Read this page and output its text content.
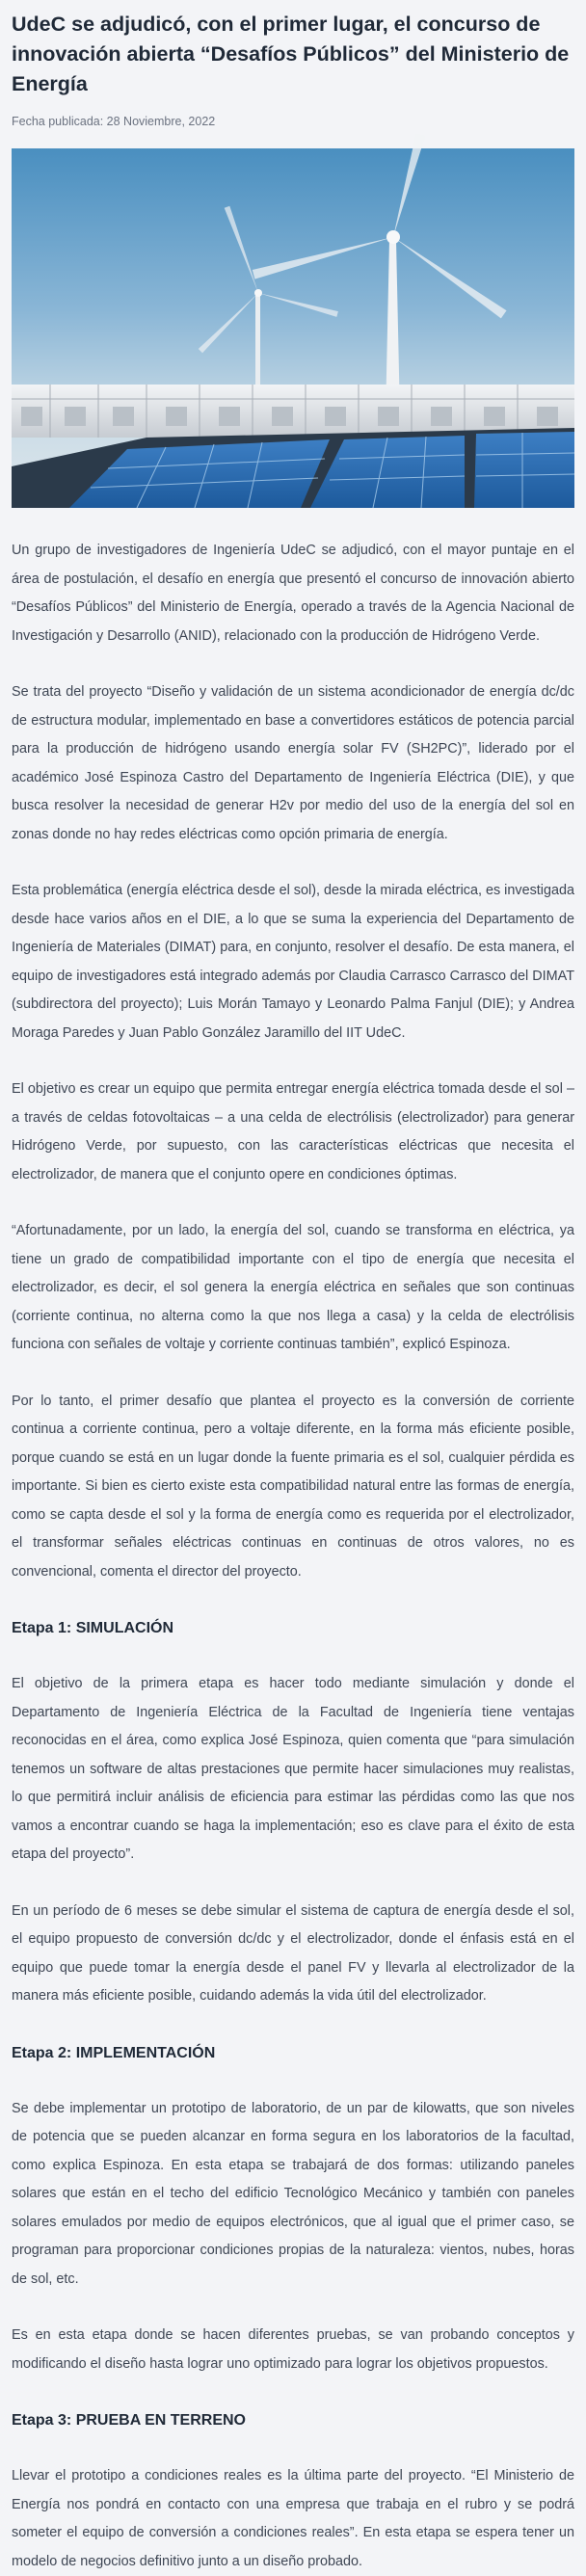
UdeC se adjudicó, con el primer lugar, el concurso de innovación abierta “Desafíos Públicos” del Ministerio de Energía
Fecha publicada: 28 Noviembre, 2022

Un grupo de investigadores de Ingeniería UdeC se adjudicó, con el mayor puntaje en el área de postulación, el desafío en energía que presentó el concurso de innovación abierto “Desafíos Públicos” del Ministerio de Energía, operado a través de la Agencia Nacional de Investigación y Desarrollo (ANID), relacionado con la producción de Hidrógeno Verde.

Se trata del proyecto “Diseño y validación de un sistema acondicionador de energía dc/dc de estructura modular, implementado en base a convertidores estáticos de potencia parcial para la producción de hidrógeno usando energía solar FV (SH2PC)”, liderado por el académico José Espinoza Castro del Departamento de Ingeniería Eléctrica (DIE), y que busca resolver la necesidad de generar H2v por medio del uso de la energía del sol en zonas donde no hay redes eléctricas como opción primaria de energía.

Esta problemática (energía eléctrica desde el sol), desde la mirada eléctrica, es investigada desde hace varios años en el DIE, a lo que se suma la experiencia del Departamento de Ingeniería de Materiales (DIMAT) para, en conjunto, resolver el desafío. De esta manera, el equipo de investigadores está integrado además por Claudia Carrasco Carrasco del DIMAT (subdirectora del proyecto); Luis Morán Tamayo y Leonardo Palma Fanjul (DIE); y Andrea Moraga Paredes y Juan Pablo González Jaramillo del IIT UdeC.

El objetivo es crear un equipo que permita entregar energía eléctrica tomada desde el sol – a través de celdas fotovoltaicas – a una celda de electrólisis (electrolizador) para generar Hidrógeno Verde, por supuesto, con las características eléctricas que necesita el electrolizador, de manera que el conjunto opere en condiciones óptimas.

“Afortunadamente, por un lado, la energía del sol, cuando se transforma en eléctrica, ya tiene un grado de compatibilidad importante con el tipo de energía que necesita el electrolizador, es decir, el sol genera la energía eléctrica en señales que son continuas (corriente continua, no alterna como la que nos llega a casa) y la celda de electrólisis funciona con señales de voltaje y corriente continuas también”, explicó Espinoza.

Por lo tanto, el primer desafío que plantea el proyecto es la conversión de corriente continua a corriente continua, pero a voltaje diferente, en la forma más eficiente posible, porque cuando se está en un lugar donde la fuente primaria es el sol, cualquier pérdida es importante. Si bien es cierto existe esta compatibilidad natural entre las formas de energía, como se capta desde el sol y la forma de energía como es requerida por el electrolizador, el transformar señales eléctricas continuas en continuas de otros valores, no es convencional, comenta el director del proyecto.

Etapa 1: SIMULACIÓN

El objetivo de la primera etapa es hacer todo mediante simulación y donde el Departamento de Ingeniería Eléctrica de la Facultad de Ingeniería tiene ventajas reconocidas en el área, como explica José Espinoza, quien comenta que “para simulación tenemos un software de altas prestaciones que permite hacer simulaciones muy realistas, lo que permitirá incluir análisis de eficiencia para estimar las pérdidas como las que nos vamos a encontrar cuando se haga la implementación; eso es clave para el éxito de esta etapa del proyecto”.

En un período de 6 meses se debe simular el sistema de captura de energía desde el sol, el equipo propuesto de conversión dc/dc y el electrolizador, donde el énfasis está en el equipo que puede tomar la energía desde el panel FV y llevarla al electrolizador de la manera más eficiente posible, cuidando además la vida útil del electrolizador.

Etapa 2: IMPLEMENTACIÓN

Se debe implementar un prototipo de laboratorio, de un par de kilowatts, que son niveles de potencia que se pueden alcanzar en forma segura en los laboratorios de la facultad, como explica Espinoza. En esta etapa se trabajará de dos formas: utilizando paneles solares que están en el techo del edificio Tecnológico Mecánico y también con paneles solares emulados por medio de equipos electrónicos, que al igual que el primer caso, se programan para proporcionar condiciones propias de la naturaleza: vientos, nubes, horas de sol, etc.

Es en esta etapa donde se hacen diferentes pruebas, se van probando conceptos y modificando el diseño hasta lograr uno optimizado para lograr los objetivos propuestos.

Etapa 3: PRUEBA EN TERRENO

Llevar el prototipo a condiciones reales es la última parte del proyecto. “El Ministerio de Energía nos pondrá en contacto con una empresa que trabaja en el rubro y se podrá someter el equipo de conversión a condiciones reales”. En esta etapa se espera tener un modelo de negocios definitivo junto a un diseño probado.
